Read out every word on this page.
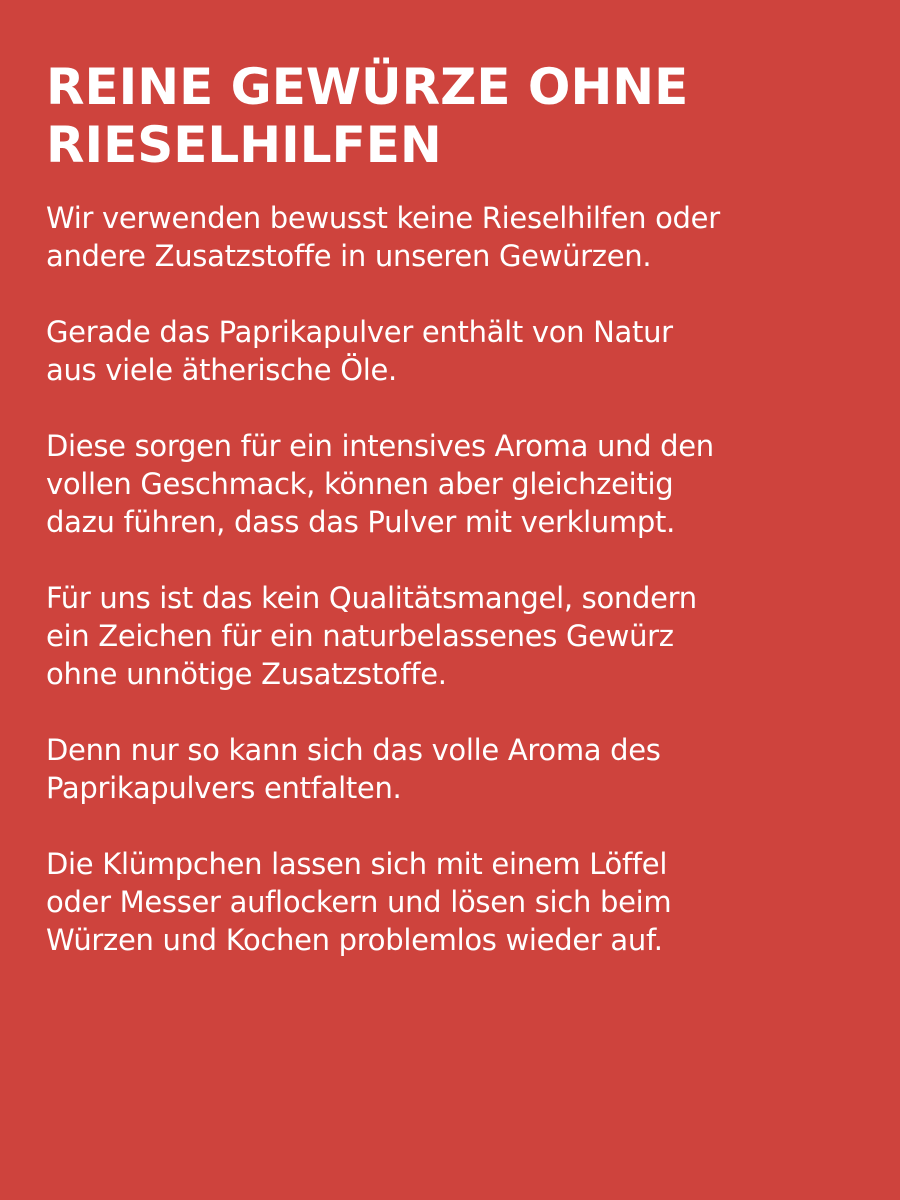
REINE GEWÜRZE OHNE
RIESELHILFEN

Wir verwenden bewusst keine Rieselhilfen oder
andere Zusatzstoffe in unseren Gewürzen.

Gerade das Paprikapulver enthält von Natur
aus viele ätherische Öle.

Diese sorgen für ein intensives Aroma und den
vollen Geschmack, können aber gleichzeitig
dazu führen, dass das Pulver mit verklumpt.

Für uns ist das kein Qualitätsmangel, sondern
ein Zeichen für ein naturbelassenes Gewürz
ohne unnötige Zusatzstoffe.

Denn nur so kann sich das volle Aroma des
Paprikapulvers entfalten.

Die Klümpchen lassen sich mit einem Löffel
oder Messer auflockern und lösen sich beim
Würzen und Kochen problemlos wieder auf.
